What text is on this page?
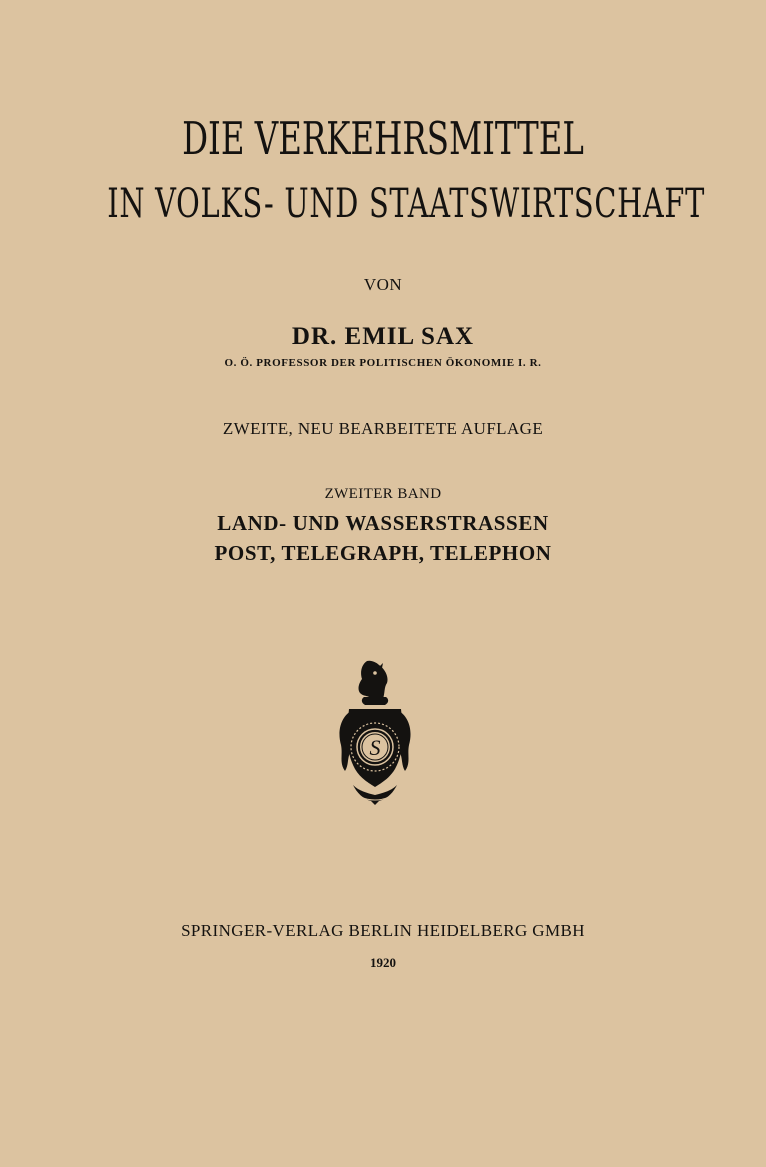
DIE VERKEHRSMITTEL
IN VOLKS- UND STAATSWIRTSCHAFT
VON
DR. EMIL SAX
O. Ö. PROFESSOR DER POLITISCHEN ÖKONOMIE I. R.
ZWEITE, NEU BEARBEITETE AUFLAGE
ZWEITER BAND
LAND- UND WASSERSTRASSEN
POST, TELEGRAPH, TELEPHON
S
SPRINGER-VERLAG BERLIN HEIDELBERG GMBH
1920
